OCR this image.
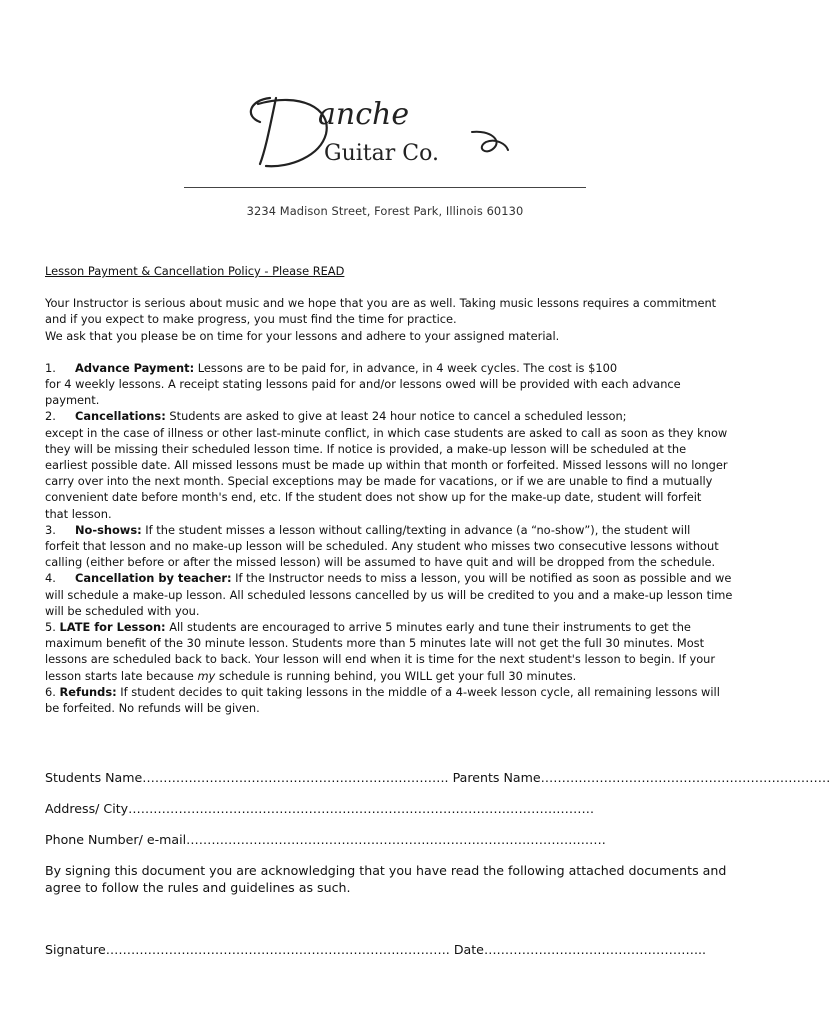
anche
Guitar Co.
3234 Madison Street, Forest Park, Illinois 60130

Lesson Payment & Cancellation Policy - Please READ

Your Instructor is serious about music and we hope that you are as well. Taking music lessons requires a commitment

and if you expect to make progress, you must find the time for practice.

We ask that you please be on time for your lessons and adhere to your assigned material.

1. Advance Payment: Lessons are to be paid for, in advance, in 4 week cycles. The cost is $100

for 4 weekly lessons. A receipt stating lessons paid for and/or lessons owed will be provided with each advance

payment.

2. Cancellations: Students are asked to give at least 24 hour notice to cancel a scheduled lesson;

except in the case of illness or other last-minute conflict, in which case students are asked to call as soon as they know

they will be missing their scheduled lesson time. If notice is provided, a make-up lesson will be scheduled at the

earliest possible date. All missed lessons must be made up within that month or forfeited. Missed lessons will no longer

carry over into the next month. Special exceptions may be made for vacations, or if we are unable to find a mutually

convenient date before month's end, etc. If the student does not show up for the make-up date, student will forfeit

that lesson.

3. No-shows: If the student misses a lesson without calling/texting in advance (a “no-show”), the student will

forfeit that lesson and no make-up lesson will be scheduled. Any student who misses two consecutive lessons without

calling (either before or after the missed lesson) will be assumed to have quit and will be dropped from the schedule.

4. Cancellation by teacher: If the Instructor needs to miss a lesson, you will be notified as soon as possible and we

will schedule a make-up lesson. All scheduled lessons cancelled by us will be credited to you and a make-up lesson time

will be scheduled with you.

5. LATE for Lesson: All students are encouraged to arrive 5 minutes early and tune their instruments to get the

maximum benefit of the 30 minute lesson. Students more than 5 minutes late will not get the full 30 minutes. Most

lessons are scheduled back to back. Your lesson will end when it is time for the next student's lesson to begin. If your

lesson starts late because my schedule is running behind, you WILL get your full 30 minutes.

6. Refunds: If student decides to quit taking lessons in the middle of a 4-week lesson cycle, all remaining lessons will

be forfeited. No refunds will be given.

Students Name………………………………………………………………. Parents Name……………………………………………………………
Address/ City…………………………………………………………………………………………………
Phone Number/ e-mail……………………………………………………………………………………….
By signing this document you are acknowledging that you have read the following attached documents and
agree to follow the rules and guidelines as such.
Signature………………………………………………………………………. Date……………………………………………..
